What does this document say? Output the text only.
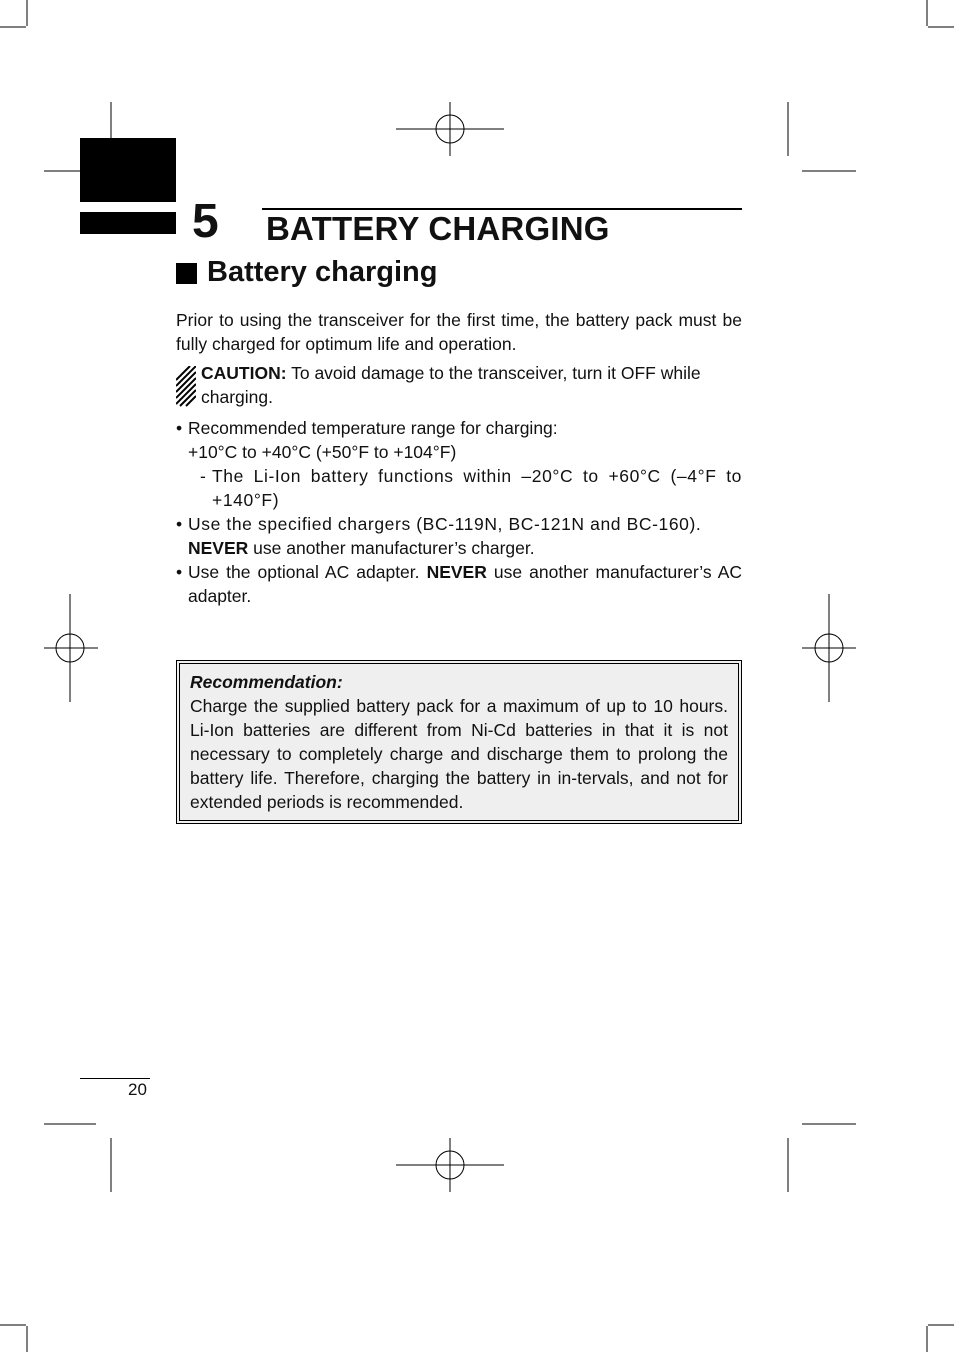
5 BATTERY CHARGING
Battery charging

Prior to using the transceiver for the first time, the battery pack must be fully charged for optimum life and operation.

CAUTION: To avoid damage to the transceiver, turn it OFF while charging.
• Recommended temperature range for charging:
+10°C to +40°C (+50°F to +104°F)
- The Li-Ion battery functions within –20°C to +60°C (–4°F to +140°F)
• Use the specified chargers (BC-119N, BC-121N and BC-160).
NEVER use another manufacturer’s charger.
• Use the optional AC adapter. NEVER use another manufacturer’s AC adapter.
Recommendation:
Charge the supplied battery pack for a maximum of up to 10 hours. Li-Ion batteries are different from Ni-Cd batteries in that it is not necessary to completely charge and discharge them to prolong the battery life. Therefore, charging the battery in in-tervals, and not for extended periods is recommended.
20
